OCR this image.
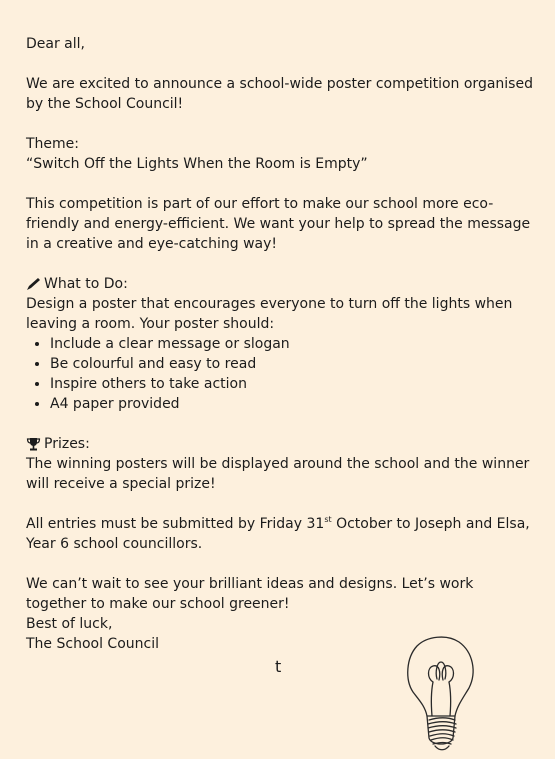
Dear all,

We are excited to announce a school-wide poster competition organised by the School Council!

Theme:

“Switch Off the Lights When the Room is Empty”

This competition is part of our effort to make our school more eco-friendly and energy-efficient. We want your help to spread the message in a creative and eye-catching way!

What to Do:

Design a poster that encourages everyone to turn off the lights when leaving a room. Your poster should:

• Include a clear message or slogan
• Be colourful and easy to read
• Inspire others to take action
• A4 paper provided

Prizes:

The winning posters will be displayed around the school and the winner will receive a special prize!

All entries must be submitted by Friday 31st October to Joseph and Elsa, Year 6 school councillors.

We can’t wait to see your brilliant ideas and designs. Let’s work together to make our school greener!

Best of luck,

The School Council

t
